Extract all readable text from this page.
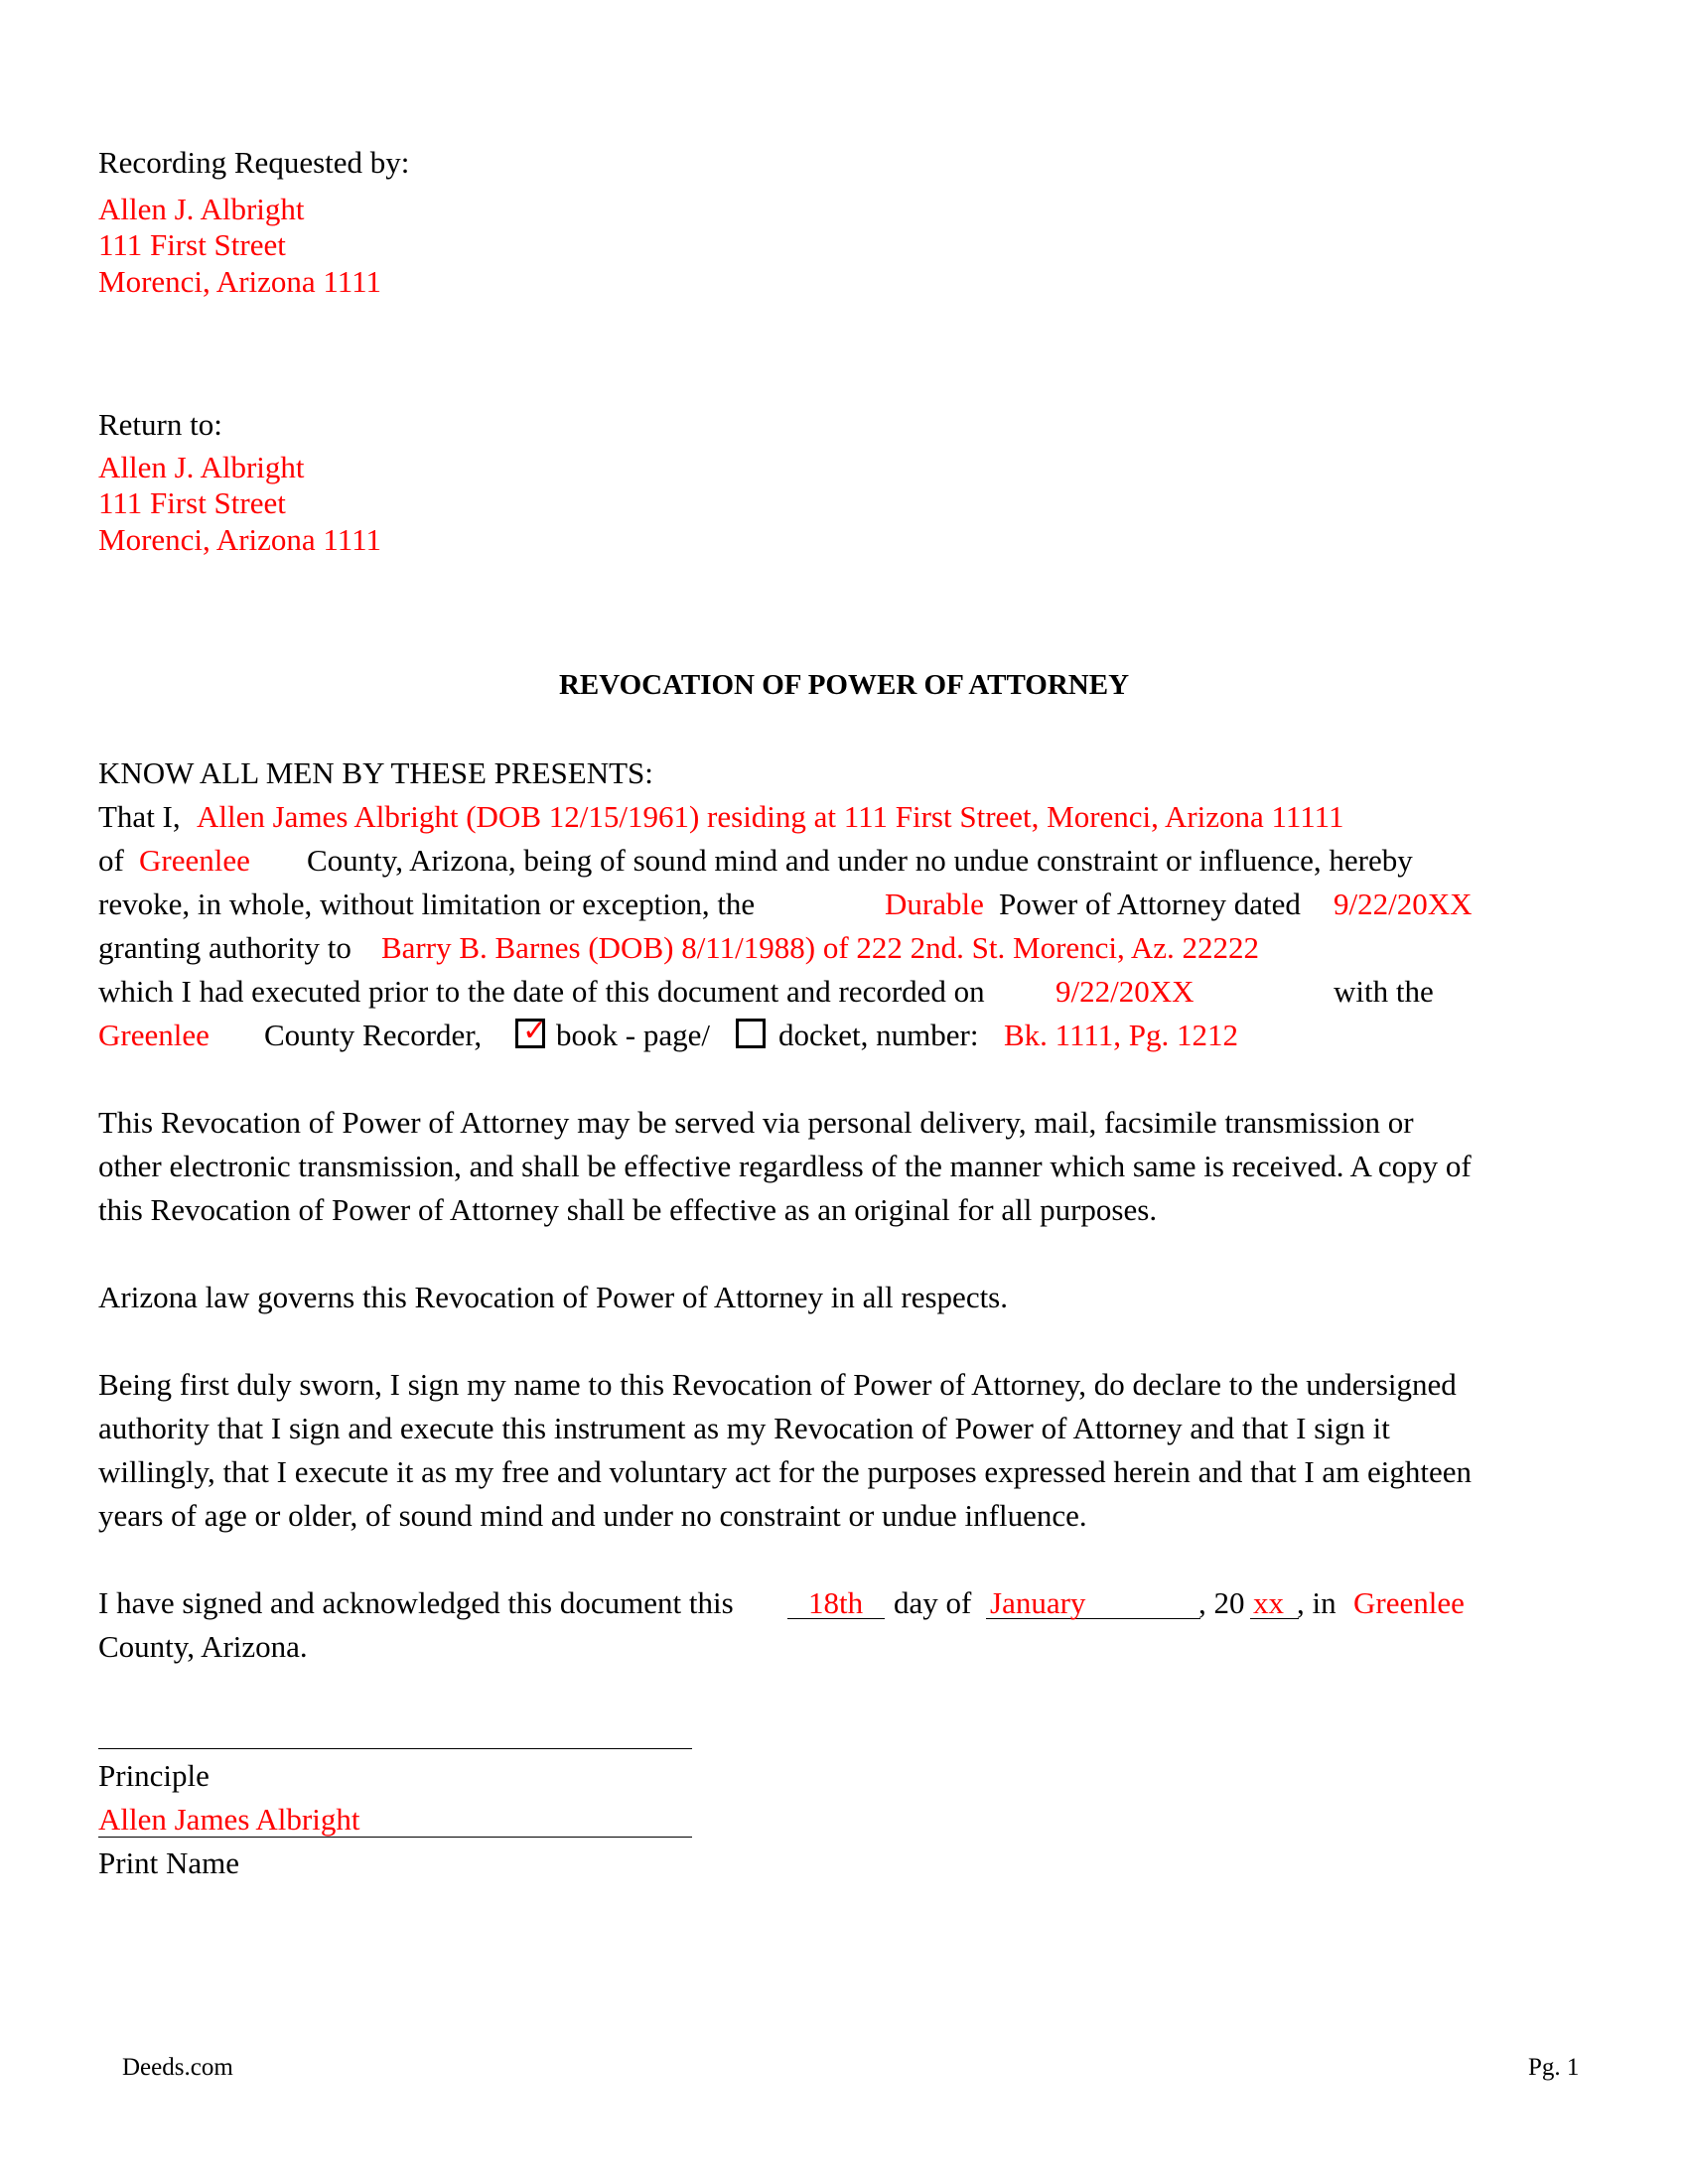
Recording Requested by:
Allen J. Albright
111 First Street
Morenci, Arizona 1111
Return to:
Allen J. Albright
111 First Street
Morenci, Arizona 1111
REVOCATION OF POWER OF ATTORNEY
KNOW ALL MEN BY THESE PRESENTS:
That I, Allen James Albright (DOB 12/15/1961) residing at 111 First Street, Morenci, Arizona 11111
of Greenlee County, Arizona, being of sound mind and under no undue constraint or influence, hereby
revoke, in whole, without limitation or exception, the	Durable Power of Attorney dated 9/22/20XX
granting authority to Barry B. Barnes (DOB) 8/11/1988) of 222 2nd. St. Morenci, Az. 22222
which I had executed prior to the date of this document and recorded on 9/22/20XX	with the
Greenlee County Recorder, ✓ book - page/ docket, number: Bk. 1111, Pg. 1212
This Revocation of Power of Attorney may be served via personal delivery, mail, facsimile transmission or
other electronic transmission, and shall be effective regardless of the manner which same is received. A copy of
this Revocation of Power of Attorney shall be effective as an original for all purposes.
Arizona law governs this Revocation of Power of Attorney in all respects.
Being first duly sworn, I sign my name to this Revocation of Power of Attorney, do declare to the undersigned
authority that I sign and execute this instrument as my Revocation of Power of Attorney and that I sign it
willingly, that I execute it as my free and voluntary act for the purposes expressed herein and that I am eighteen
years of age or older, of sound mind and under no constraint or undue influence.
I have signed and acknowledged this document this 18th day of January	, 20 xx , in Greenlee
County, Arizona.
Principle
Allen James Albright
Print Name
Deeds.com	Pg. 1
